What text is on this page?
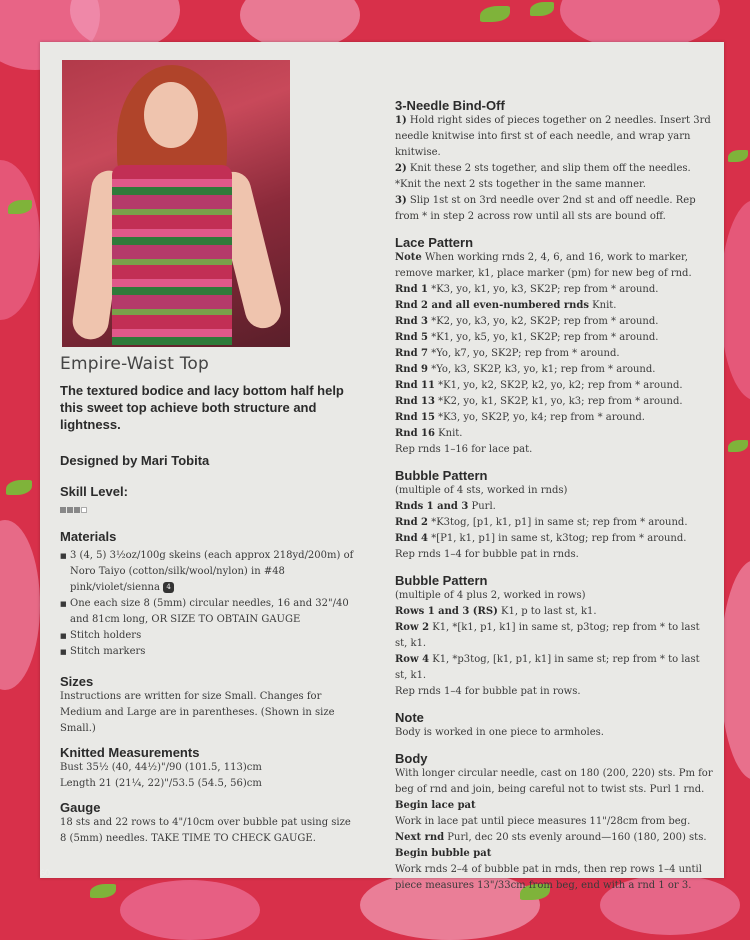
Empire-Waist Top

The textured bodice and lacy bottom half help this sweet top achieve both structure and lightness.

Designed by Mari Tobita

Skill Level:

Materials

■ 3 (4, 5) 3½oz/100g skeins (each approx 218yd/200m) of Noro Taiyo (cotton/silk/wool/nylon) in #48 pink/violet/sienna 4
■ One each size 8 (5mm) circular needles, 16 and 32"/40 and 81cm long, OR SIZE TO OBTAIN GAUGE
■ Stitch holders
■ Stitch markers

Sizes

Instructions are written for size Small. Changes for Medium and Large are in parentheses. (Shown in size Small.)

Knitted Measurements

Bust 35½ (40, 44½)"/90 (101.5, 113)cm

Length 21 (21¼, 22)"/53.5 (54.5, 56)cm

Gauge

18 sts and 22 rows to 4"/10cm over bubble pat using size 8 (5mm) needles. TAKE TIME TO CHECK GAUGE.

3-Needle Bind-Off

1) Hold right sides of pieces together on 2 needles. Insert 3rd needle knitwise into first st of each needle, and wrap yarn knitwise.

2) Knit these 2 sts together, and slip them off the needles. *Knit the next 2 sts together in the same manner.

3) Slip 1st st on 3rd needle over 2nd st and off needle. Rep from * in step 2 across row until all sts are bound off.

Lace Pattern

Note When working rnds 2, 4, 6, and 16, work to marker, remove marker, k1, place marker (pm) for new beg of rnd.

Rnd 1 *K3, yo, k1, yo, k3, SK2P; rep from * around.

Rnd 2 and all even-numbered rnds Knit.

Rnd 3 *K2, yo, k3, yo, k2, SK2P; rep from * around.

Rnd 5 *K1, yo, k5, yo, k1, SK2P; rep from * around.

Rnd 7 *Yo, k7, yo, SK2P; rep from * around.

Rnd 9 *Yo, k3, SK2P, k3, yo, k1; rep from * around.

Rnd 11 *K1, yo, k2, SK2P, k2, yo, k2; rep from * around.

Rnd 13 *K2, yo, k1, SK2P, k1, yo, k3; rep from * around.

Rnd 15 *K3, yo, SK2P, yo, k4; rep from * around.

Rnd 16 Knit.

Rep rnds 1–16 for lace pat.

Bubble Pattern

(multiple of 4 sts, worked in rnds)

Rnds 1 and 3 Purl.

Rnd 2 *K3tog, [p1, k1, p1] in same st; rep from * around.

Rnd 4 *[P1, k1, p1] in same st, k3tog; rep from * around.

Rep rnds 1–4 for bubble pat in rnds.

Bubble Pattern

(multiple of 4 plus 2, worked in rows)

Rows 1 and 3 (RS) K1, p to last st, k1.

Row 2 K1, *[k1, p1, k1] in same st, p3tog; rep from * to last st, k1.

Row 4 K1, *p3tog, [k1, p1, k1] in same st; rep from * to last st, k1.

Rep rnds 1–4 for bubble pat in rows.

Note

Body is worked in one piece to armholes.

Body

With longer circular needle, cast on 180 (200, 220) sts. Pm for beg of rnd and join, being careful not to twist sts. Purl 1 rnd.

Begin lace pat

Work in lace pat until piece measures 11"/28cm from beg.

Next rnd Purl, dec 20 sts evenly around—160 (180, 200) sts.

Begin bubble pat

Work rnds 2–4 of bubble pat in rnds, then rep rows 1–4 until piece measures 13"/33cm from beg, end with a rnd 1 or 3.

60
